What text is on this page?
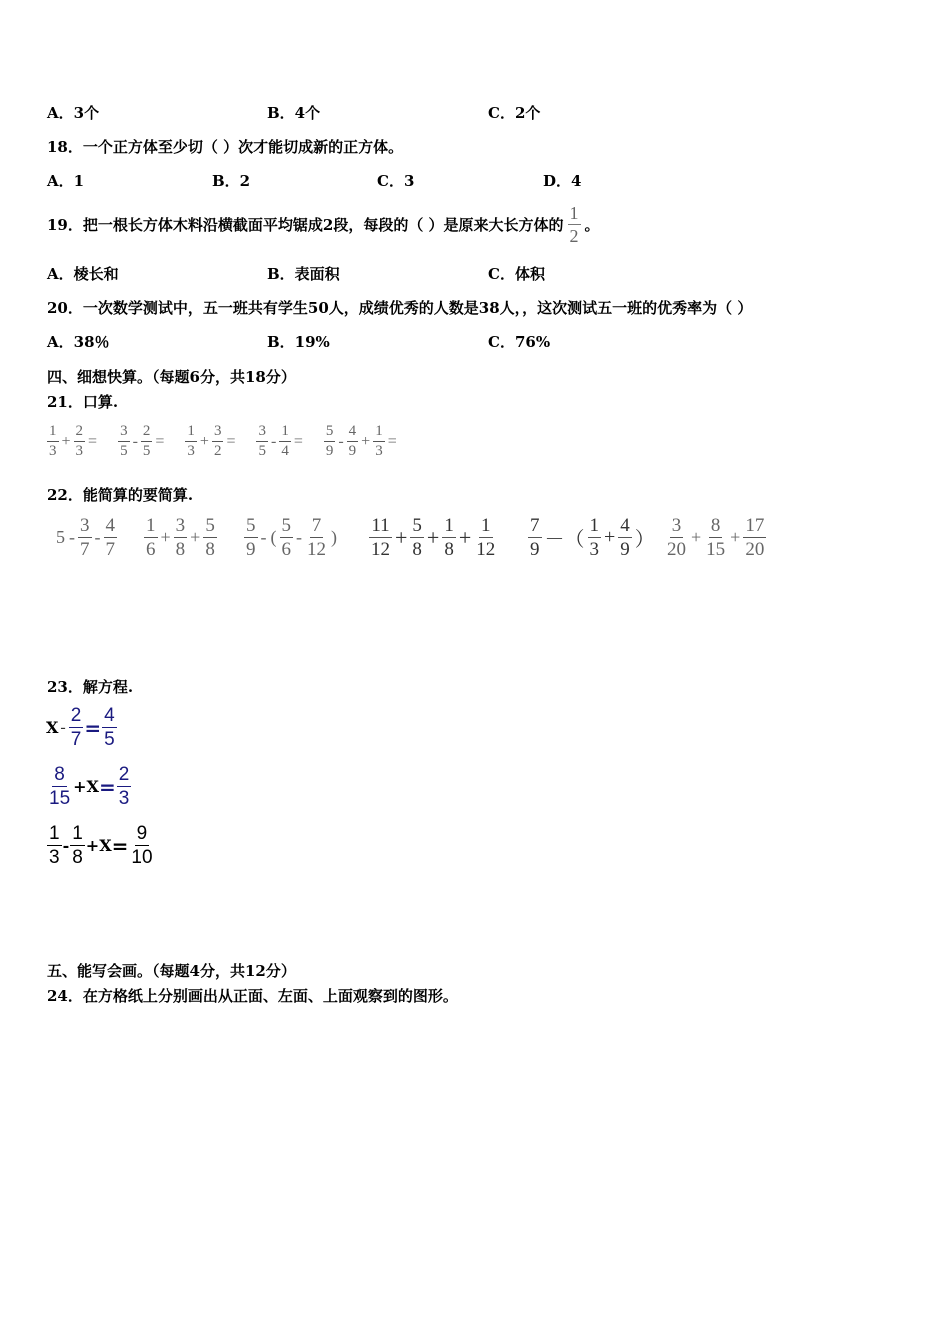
A．3个	B．4个	C．2个
18．一个正方体至少切（ ）次才能切成新的正方体。
A．1	B．2	C．3	D．4
19．把一根长方体木料沿横截面平均锯成2段，每段的（ ）是原来大长方体的 $\frac{1}{2}$ 。
A．棱长和	B．表面积	C．体积
20．一次数学测试中，五一班共有学生50人，成绩优秀的人数是38人，，这次测试五一班的优秀率为（ ）
A．38％	B．19%	C．76%
四、细想快算。（每题6分，共18分）
21．口算.
$\frac{1}{3} + \frac{2}{3} = \frac{3}{5} - \frac{2}{5} = \frac{1}{3} + \frac{3}{2} = \frac{3}{5} - \frac{1}{4} = \frac{5}{9} - \frac{4}{9} + \frac{1}{3}$ =
22．能简算的要简算.
$5 - \frac{3}{7} - \frac{4}{7} \frac{1}{6} + \frac{3}{8} + \frac{5}{8} \frac{5}{9}$ - ( $\frac{5}{6} - \frac{7}{12}$ ) $\frac{11}{12} + \frac{5}{8} + \frac{1}{8} + \frac{1}{12} \frac{7}{9}$ －（ $\frac{1}{3} + \frac{4}{9}$ ） $\frac{3}{20} + \frac{8}{15} + \frac{17}{20}$
23．解方程.
$X - \frac{2}{7} = \frac{4}{5}$
$\frac{8}{15} +X = \frac{2}{3}$
$\frac{1}{3} - \frac{1}{8} +X = \frac{9}{10}$
五、能写会画。（每题4分，共12分）
24．在方格纸上分别画出从正面、左面、上面观察到的图形。
